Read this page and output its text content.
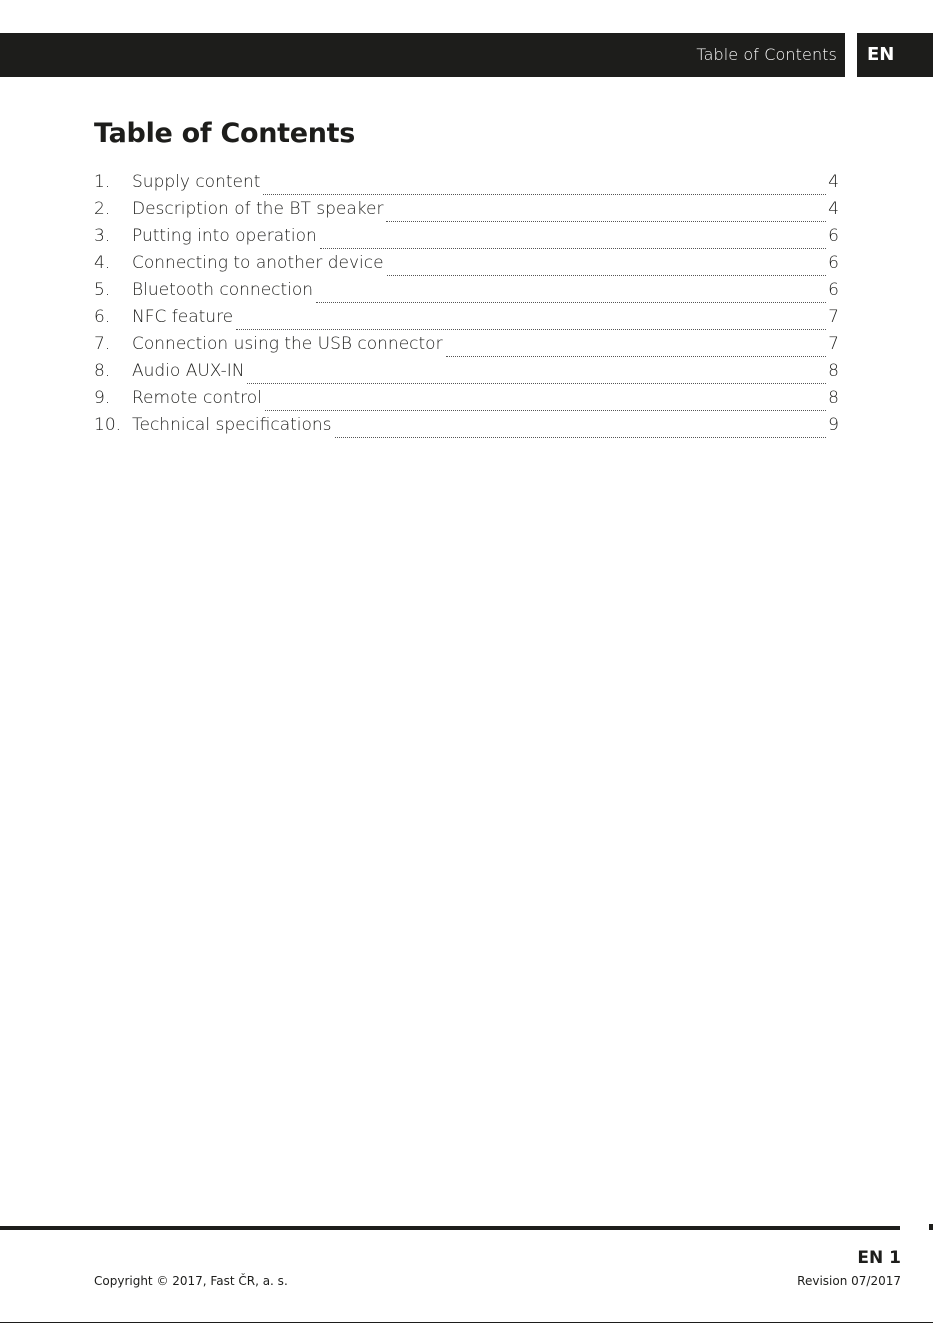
Table of Contents EN
Table of Contents
1.	Supply content	4
2.	Description of the BT speaker	4
3.	Putting into operation	6
4.	Connecting to another device	6
5.	Bluetooth connection	6
6.	NFC feature	7
7.	Connection using the USB connector	7
8.	Audio AUX-IN	8
9.	Remote control	8
10. Technical specifications	9
EN 1
Copyright © 2017, Fast ČR, a. s.	Revision 07/2017
